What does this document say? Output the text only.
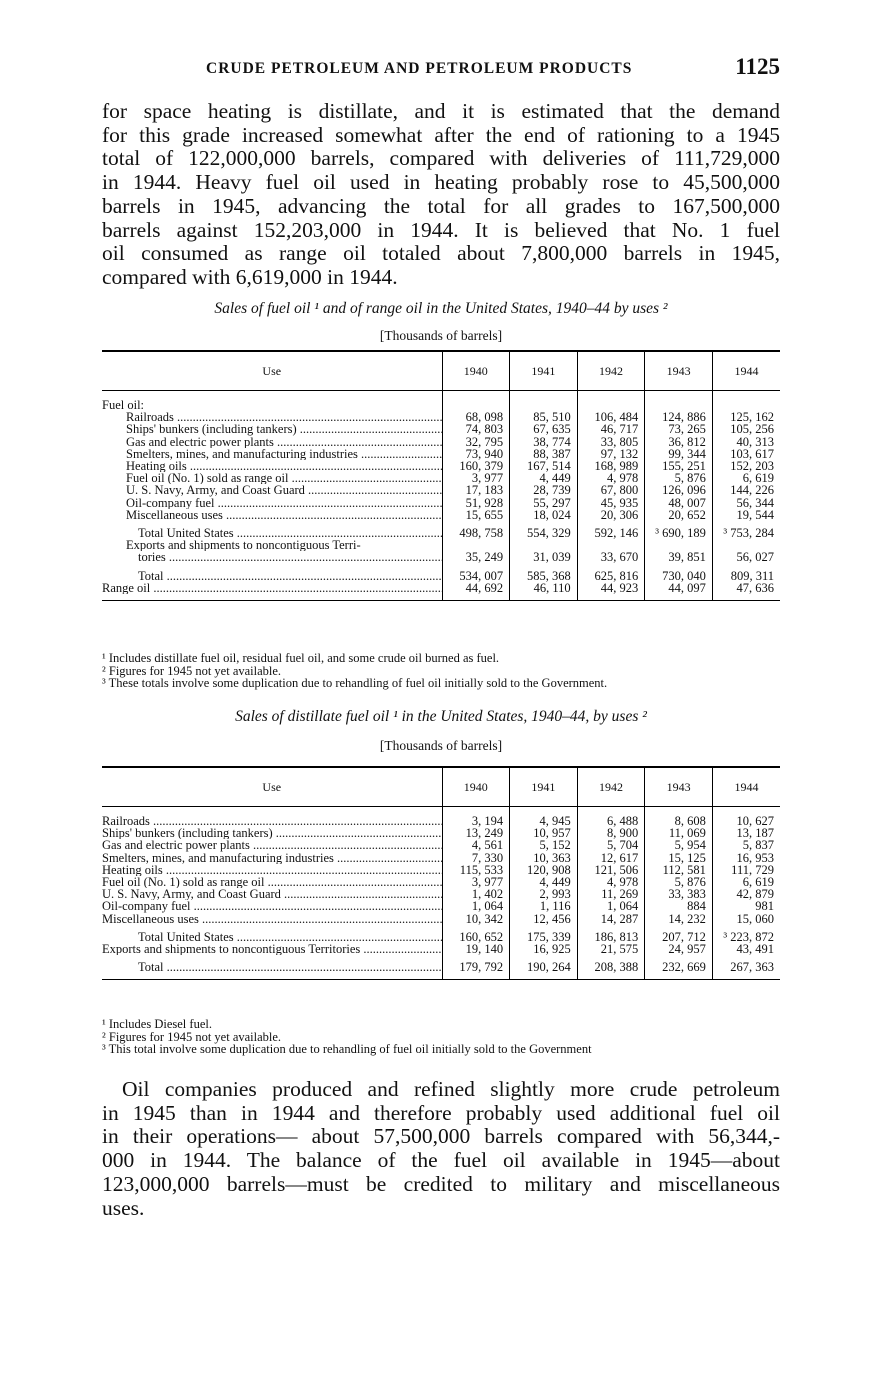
CRUDE PETROLEUM AND PETROLEUM PRODUCTS	1125

for space heating is distillate, and it is estimated that the demand
for this grade increased somewhat after the end of rationing to a 1945
total of 122,000,000 barrels, compared with deliveries of 111,729,000
in 1944. Heavy fuel oil used in heating probably rose to 45,500,000
barrels in 1945, advancing the total for all grades to 167,500,000
barrels against 152,203,000 in 1944. It is believed that No. 1 fuel
oil consumed as range oil totaled about 7,800,000 barrels in 1945,
compared with 6,619,000 in 1944.

Sales of fuel oil ¹ and of range oil in the United States, 1940–44 by uses ²
[Thousands of barrels]
Use	1940	1941	1942	1943	1944

Fuel oil:					

Railroads .....	68, 098	85, 510	106, 484	124, 886	125, 162

Ships' bunkers (including tankers) .....	74, 803	67, 635	46, 717	73, 265	105, 256

Gas and electric power plants .....	32, 795	38, 774	33, 805	36, 812	40, 313

Smelters, mines, and manufacturing industries .....	73, 940	88, 387	97, 132	99, 344	103, 617

Heating oils .....	160, 379	167, 514	168, 989	155, 251	152, 203

Fuel oil (No. 1) sold as range oil .....	3, 977	4, 449	4, 978	5, 876	6, 619

U. S. Navy, Army, and Coast Guard .....	17, 183	28, 739	67, 800	126, 096	144, 226

Oil-company fuel .....	51, 928	55, 297	45, 935	48, 007	56, 344

Miscellaneous uses .....	15, 655	18, 024	20, 306	20, 652	19, 544

Total United States .....	498, 758	554, 329	592, 146	³ 690, 189	³ 753, 284

Exports and shipments to noncontiguous Terri-					

tories .....	35, 249	31, 039	33, 670	39, 851	56, 027

Total .....	534, 007	585, 368	625, 816	730, 040	809, 311

Range oil .....	44, 692	46, 110	44, 923	44, 097	47, 636
¹ Includes distillate fuel oil, residual fuel oil, and some crude oil burned as fuel.
² Figures for 1945 not yet available.
³ These totals involve some duplication due to rehandling of fuel oil initially sold to the Government.
Sales of distillate fuel oil ¹ in the United States, 1940–44, by uses ²
[Thousands of barrels]
Use	1940	1941	1942	1943	1944

Railroads .....	3, 194	4, 945	6, 488	8, 608	10, 627

Ships' bunkers (including tankers) .....	13, 249	10, 957	8, 900	11, 069	13, 187

Gas and electric power plants .....	4, 561	5, 152	5, 704	5, 954	5, 837

Smelters, mines, and manufacturing industries .....	7, 330	10, 363	12, 617	15, 125	16, 953

Heating oils .....	115, 533	120, 908	121, 506	112, 581	111, 729

Fuel oil (No. 1) sold as range oil .....	3, 977	4, 449	4, 978	5, 876	6, 619

U. S. Navy, Army, and Coast Guard .....	1, 402	2, 993	11, 269	33, 383	42, 879

Oil-company fuel .....	1, 064	1, 116	1, 064	884	981

Miscellaneous uses .....	10, 342	12, 456	14, 287	14, 232	15, 060

Total United States .....	160, 652	175, 339	186, 813	207, 712	³ 223, 872

Exports and shipments to noncontiguous Territories .....	19, 140	16, 925	21, 575	24, 957	43, 491

Total .....	179, 792	190, 264	208, 388	232, 669	267, 363
¹ Includes Diesel fuel.
² Figures for 1945 not yet available.
³ This total involve some duplication due to rehandling of fuel oil initially sold to the Government

Oil companies produced and refined slightly more crude petroleum
in 1945 than in 1944 and therefore probably used additional fuel oil
in their operations— about 57,500,000 barrels compared with 56,344,-
000 in 1944. The balance of the fuel oil available in 1945—about
123,000,000 barrels—must be credited to military and miscellaneous
uses.
